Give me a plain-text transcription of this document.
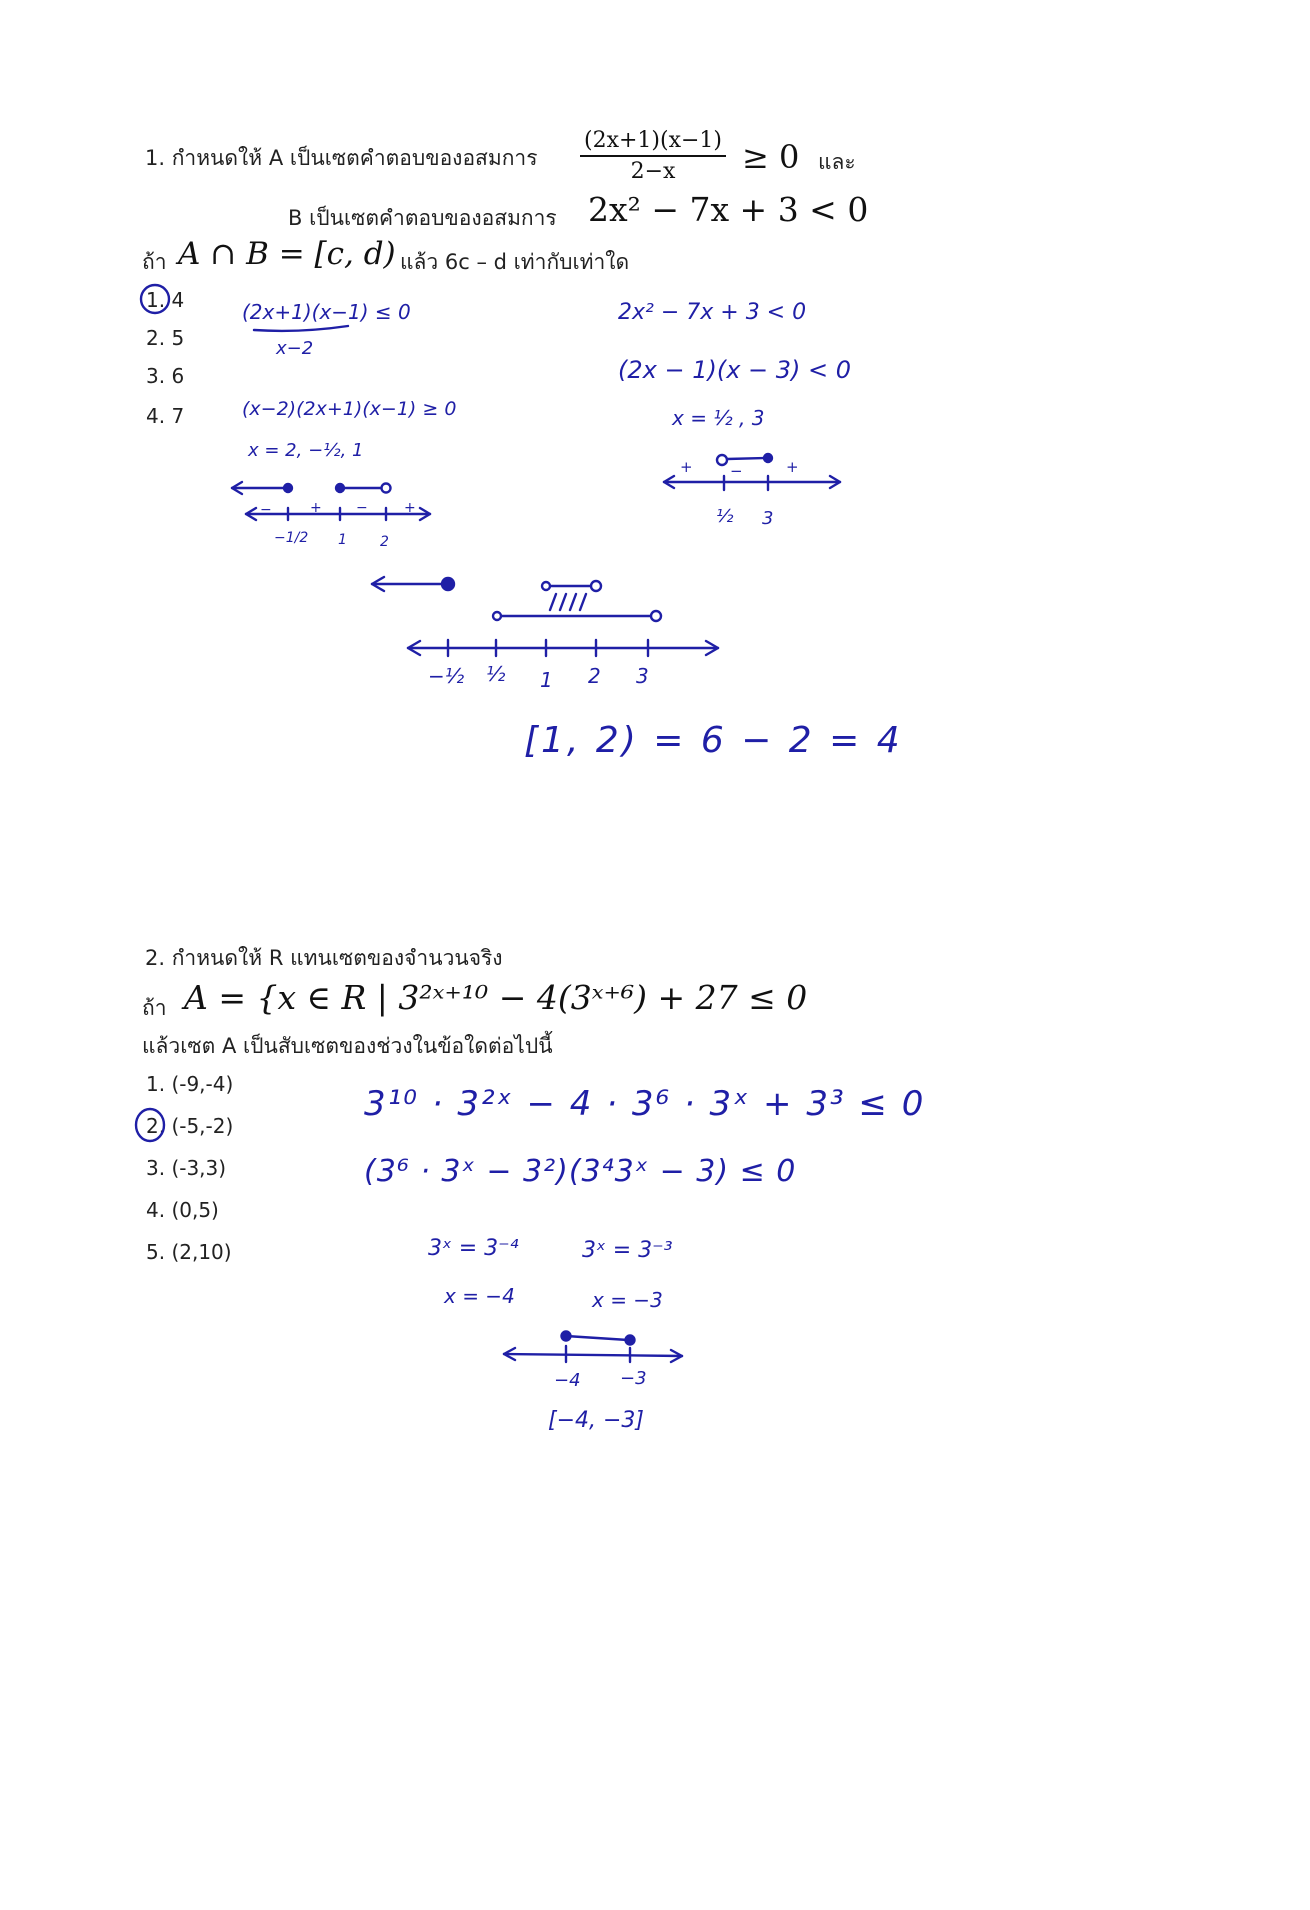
1. กำหนดให้ A เป็นเซตคำตอบของอสมการ $\frac{(2x+1)(x-1)}{2-x} \ge 0$ และ
B เป็นเซตคำตอบของอสมการ 2x² − 7x + 3 < 0
ถ้า A ∩ B = [c, d) แล้ว 6c – d เท่ากับเท่าใด
1. 4
2. 5
3. 6
4. 7
(2x+1)(x−1) ≤ 0
x−2
(x−2)(2x+1)(x−1) ≥ 0
x = 2, −½, 1
−	+ −	+
−1/2 1 2
2x² − 7x + 3 < 0
(2x − 1)(x − 3) < 0
x = ½ , 3
+ −	+
½ 3
−½ ½ 1 2 3
[1, 2) = 6 − 2 = 4
2. กำหนดให้ R แทนเซตของจำนวนจริง
ถ้า A = {x ∈ R | 3²ˣ⁺¹⁰ − 4(3ˣ⁺⁶) + 27 ≤ 0
แล้วเซต A เป็นสับเซตของช่วงในข้อใดต่อไปนี้
1. (-9,-4)
2. (-5,-2)
3. (-3,3)
4. (0,5)
5. (2,10)
3¹⁰ · 3²ˣ − 4 · 3⁶ · 3ˣ + 3³ ≤ 0
(3⁶ · 3ˣ − 3²)(3⁴3ˣ − 3) ≤ 0
3ˣ = 3⁻⁴	3ˣ = 3⁻³
x = −4	x = −3
−4 −3
[−4, −3]
